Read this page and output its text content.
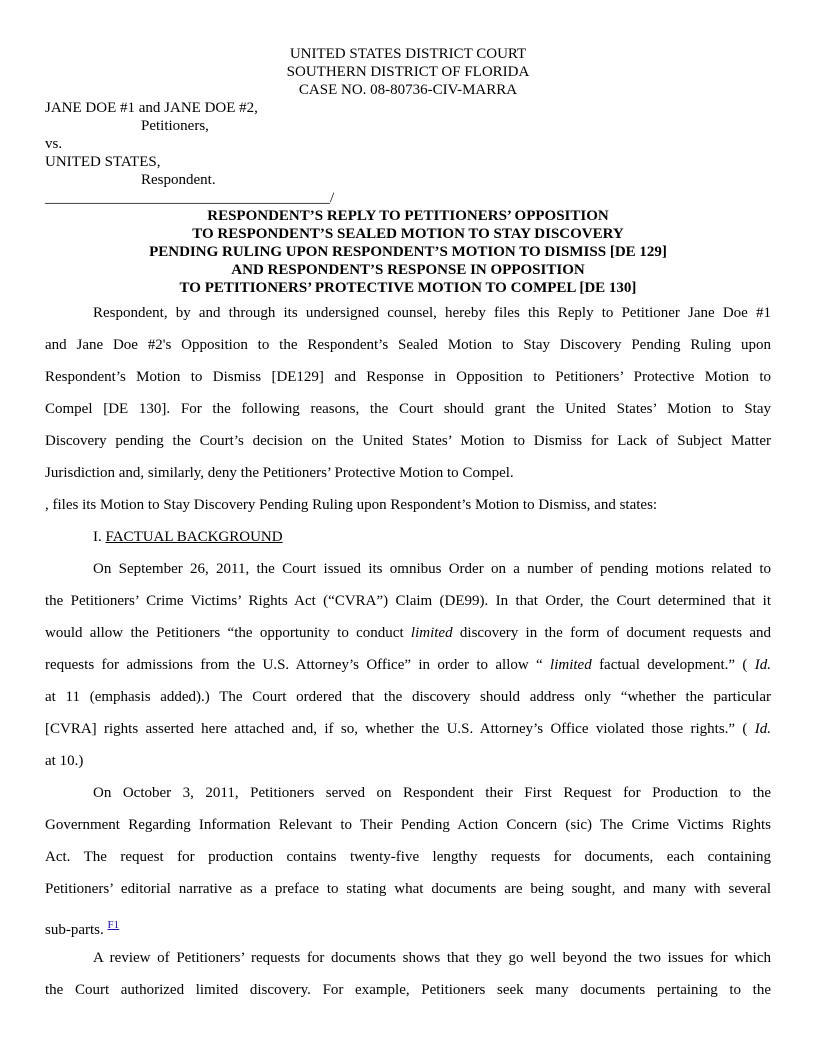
UNITED STATES DISTRICT COURT
SOUTHERN DISTRICT OF FLORIDA
CASE NO. 08-80736-CIV-MARRA
JANE DOE #1 and JANE DOE #2,
Petitioners,
vs.
UNITED STATES,
Respondent.
______________________________________/
RESPONDENT’S REPLY TO PETITIONERS’ OPPOSITION
TO RESPONDENT’S SEALED MOTION TO STAY DISCOVERY
PENDING RULING UPON RESPONDENT’S MOTION TO DISMISS [DE 129]
AND RESPONDENT’S RESPONSE IN OPPOSITION
TO PETITIONERS’ PROTECTIVE MOTION TO COMPEL [DE 130]
Respondent, by and through its undersigned counsel, hereby files this Reply to Petitioner Jane Doe #1
and Jane Doe #2's Opposition to the Respondent’s Sealed Motion to Stay Discovery Pending Ruling upon
Respondent’s Motion to Dismiss [DE129] and Response in Opposition to Petitioners’ Protective Motion to
Compel [DE 130]. For the following reasons, the Court should grant the United States’ Motion to Stay
Discovery pending the Court’s decision on the United States’ Motion to Dismiss for Lack of Subject Matter
Jurisdiction and, similarly, deny the Petitioners’ Protective Motion to Compel.
, files its Motion to Stay Discovery Pending Ruling upon Respondent’s Motion to Dismiss, and states:
I. FACTUAL BACKGROUND
On September 26, 2011, the Court issued its omnibus Order on a number of pending motions related to
the Petitioners’ Crime Victims’ Rights Act (“CVRA”) Claim (DE99). In that Order, the Court determined that it
would allow the Petitioners “the opportunity to conduct limited discovery in the form of document requests and
requests for admissions from the U.S. Attorney’s Office” in order to allow “ limited factual development.” ( Id.
at 11 (emphasis added).) The Court ordered that the discovery should address only “whether the particular
[CVRA] rights asserted here attached and, if so, whether the U.S. Attorney’s Office violated those rights.” ( Id.
at 10.)
On October 3, 2011, Petitioners served on Respondent their First Request for Production to the
Government Regarding Information Relevant to Their Pending Action Concern (sic) The Crime Victims Rights
Act. The request for production contains twenty-five lengthy requests for documents, each containing
Petitioners’ editorial narrative as a preface to stating what documents are being sought, and many with several
sub-parts. $^{F1}$
A review of Petitioners’ requests for documents shows that they go well beyond the two issues for which
the Court authorized limited discovery. For example, Petitioners seek many documents pertaining to the
